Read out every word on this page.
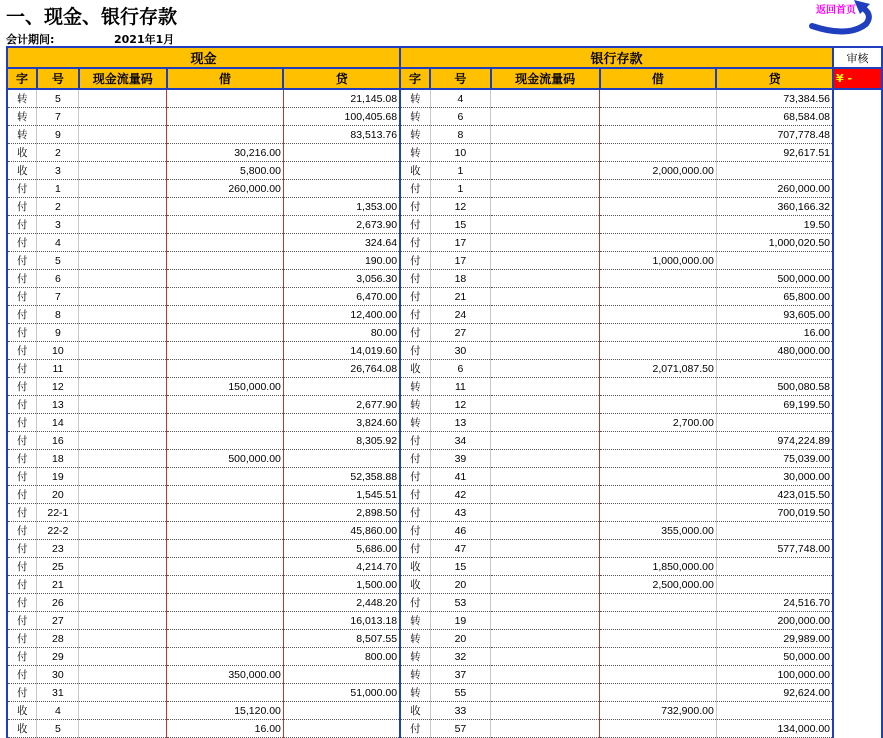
一、现金、银行存款	返回首页
会计期间:	2021年1月
现金					银行存款					审核
字	号	现金流量码	借	贷	字	号	现金流量码	借	贷	¥ -
转	5			21,145.08	转	4			73,384.56	
转	7			100,405.68	转	6			68,584.08	
转	9			83,513.76	转	8			707,778.48	
收	2		30,216.00		转	10			92,617.51	
收	3		5,800.00		收	1		2,000,000.00		
付	1		260,000.00		付	1			260,000.00	
付	2			1,353.00	付	12			360,166.32	
付	3			2,673.90	付	15			19.50	
付	4			324.64	付	17			1,000,020.50	
付	5			190.00	付	17		1,000,000.00		
付	6			3,056.30	付	18			500,000.00	
付	7			6,470.00	付	21			65,800.00	
付	8			12,400.00	付	24			93,605.00	
付	9			80.00	付	27			16.00	
付	10			14,019.60	付	30			480,000.00	
付	11			26,764.08	收	6		2,071,087.50		
付	12		150,000.00		转	11			500,080.58	
付	13			2,677.90	转	12			69,199.50	
付	14			3,824.60	转	13		2,700.00		
付	16			8,305.92	付	34			974,224.89	
付	18		500,000.00		付	39			75,039.00	
付	19			52,358.88	付	41			30,000.00	
付	20			1,545.51	付	42			423,015.50	
付	22-1			2,898.50	付	43			700,019.50	
付	22-2			45,860.00	付	46		355,000.00		
付	23			5,686.00	付	47			577,748.00	
付	25			4,214.70	收	15		1,850,000.00		
付	21			1,500.00	收	20		2,500,000.00		
付	26			2,448.20	付	53			24,516.70	
付	27			16,013.18	转	19			200,000.00	
付	28			8,507.55	转	20			29,989.00	
付	29			800.00	转	32			50,000.00	
付	30		350,000.00		转	37			100,000.00	
付	31			51,000.00	转	55			92,624.00	
收	4		15,120.00		收	33		732,900.00		
收	5		16.00		付	57			134,000.00	
